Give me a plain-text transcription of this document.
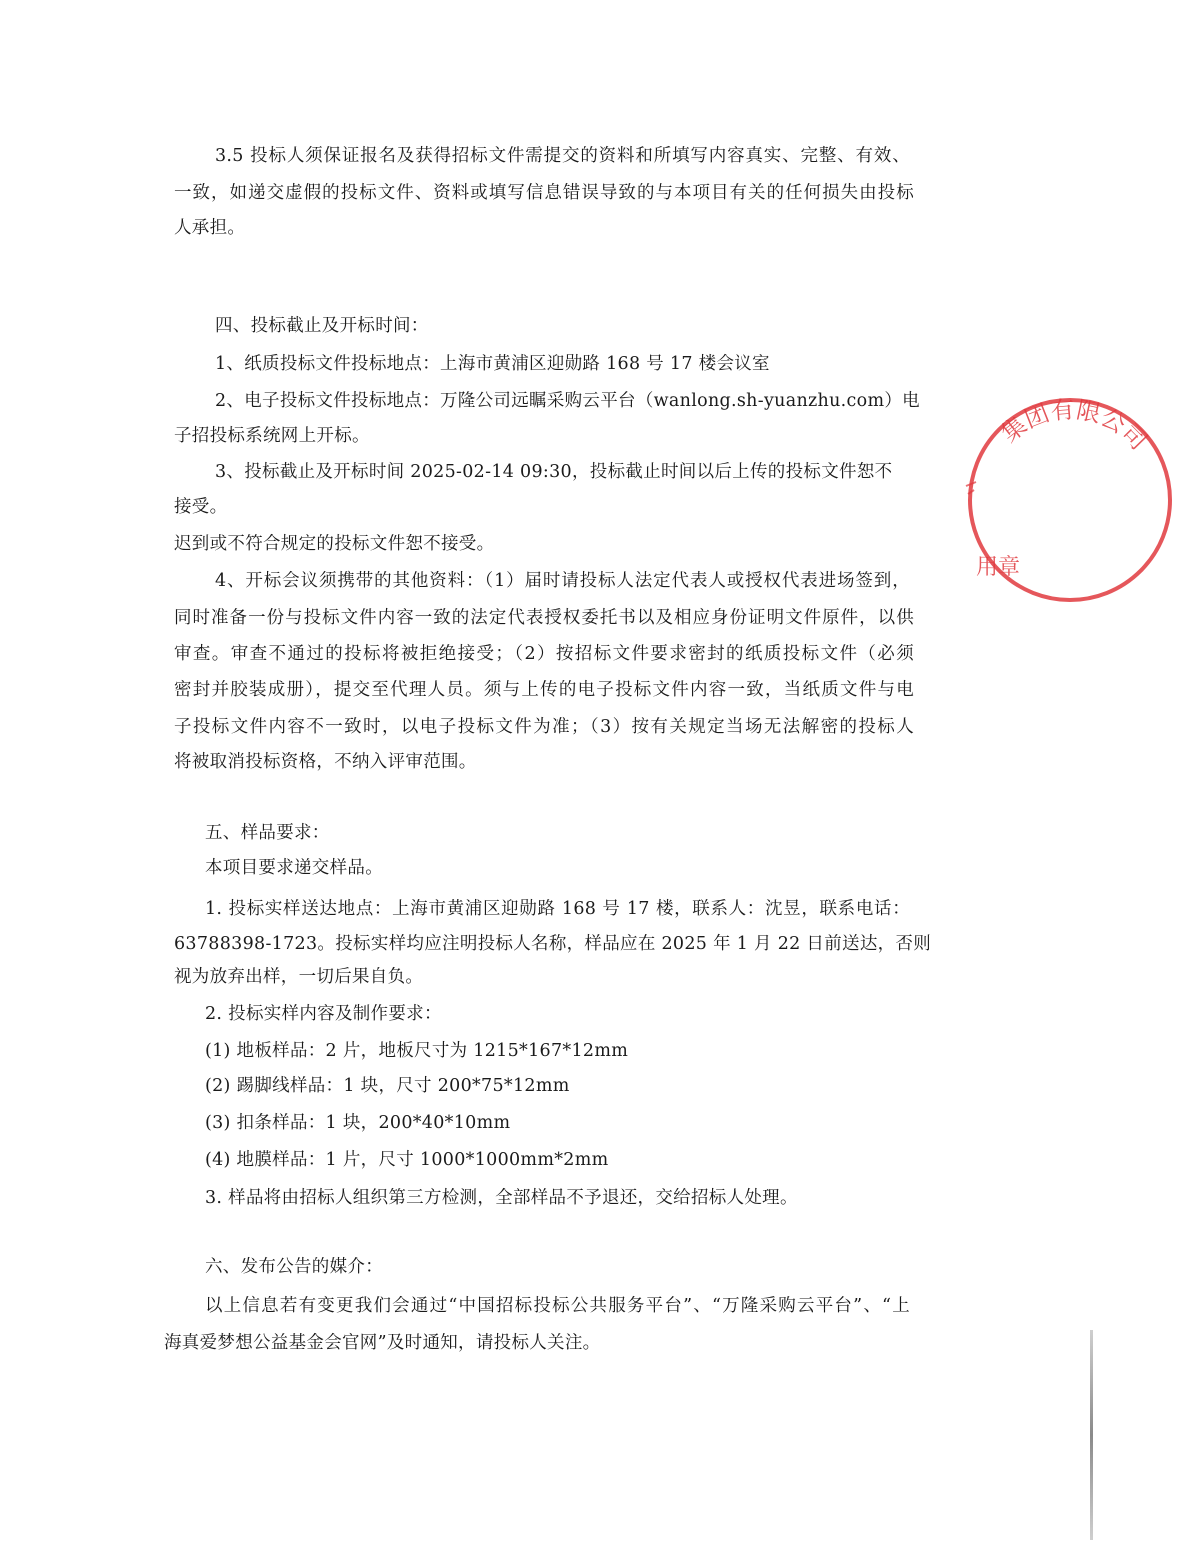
3.5 投标人须保证报名及获得招标文件需提交的资料和所填写内容真实、完整、有效、
一致，如递交虚假的投标文件、资料或填写信息错误导致的与本项目有关的任何损失由投标
人承担。
四、投标截止及开标时间：
1、纸质投标文件投标地点：上海市黄浦区迎勋路 168 号 17 楼会议室
2、电子投标文件投标地点：万隆公司远瞩采购云平台（wanlong.sh-yuanzhu.com）电
子招投标系统网上开标。
3、投标截止及开标时间 2025-02-14 09:30，投标截止时间以后上传的投标文件恕不
接受。
迟到或不符合规定的投标文件恕不接受。
4、开标会议须携带的其他资料：（1）届时请投标人法定代表人或授权代表进场签到，
同时准备一份与投标文件内容一致的法定代表授权委托书以及相应身份证明文件原件，以供
审查。审查不通过的投标将被拒绝接受；（2）按招标文件要求密封的纸质投标文件（必须
密封并胶装成册），提交至代理人员。须与上传的电子投标文件内容一致，当纸质文件与电
子投标文件内容不一致时，以电子投标文件为准；（3）按有关规定当场无法解密的投标人
将被取消投标资格，不纳入评审范围。
五、样品要求：
本项目要求递交样品。
1. 投标实样送达地点：上海市黄浦区迎勋路 168 号 17 楼，联系人：沈昱，联系电话：
63788398-1723。投标实样均应注明投标人名称，样品应在 2025 年 1 月 22 日前送达，否则
视为放弃出样，一切后果自负。
2. 投标实样内容及制作要求：
(1) 地板样品：2 片，地板尺寸为 1215*167*12mm
(2) 踢脚线样品：1 块，尺寸 200*75*12mm
(3) 扣条样品：1 块，200*40*10mm
(4) 地膜样品：1 片，尺寸 1000*1000mm*2mm
3. 样品将由招标人组织第三方检测，全部样品不予退还，交给招标人处理。
六、发布公告的媒介：
以上信息若有变更我们会通过“中国招标投标公共服务平台”、“万隆采购云平台”、“上
海真爱梦想公益基金会官网”及时通知，请投标人关注。
集团有限公司
用章
